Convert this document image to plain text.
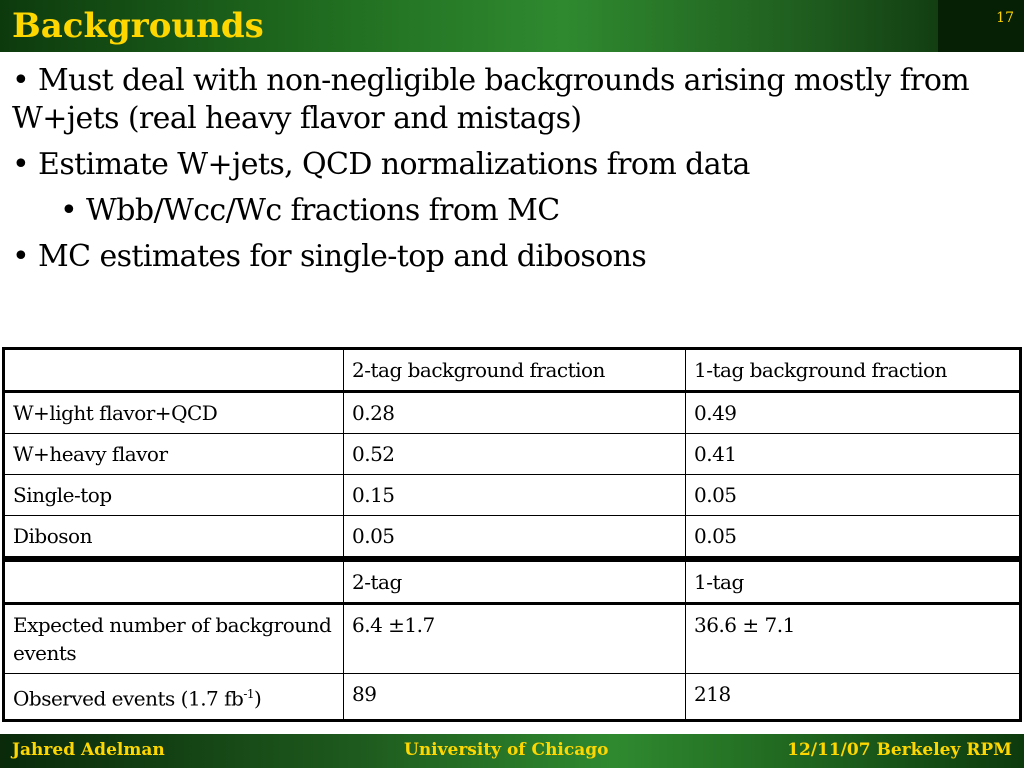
Backgrounds	17
• Must deal with non-negligible backgrounds arising mostly from W+jets (real heavy flavor and mistags)
• Estimate W+jets, QCD normalizations from data
• Wbb/Wcc/Wc fractions from MC
• MC estimates for single-top and dibosons
	2-tag background fraction	1-tag background fraction
W+light flavor+QCD	0.28	0.49
W+heavy flavor	0.52	0.41
Single-top	0.15	0.05
Diboson	0.05	0.05
	2-tag	1-tag
Expected number of background events	6.4 ±1.7	36.6 ± 7.1
Observed events (1.7 $fb^{-1}$)	89	218
Jahred Adelman	University of Chicago	12/11/07 Berkeley RPM
